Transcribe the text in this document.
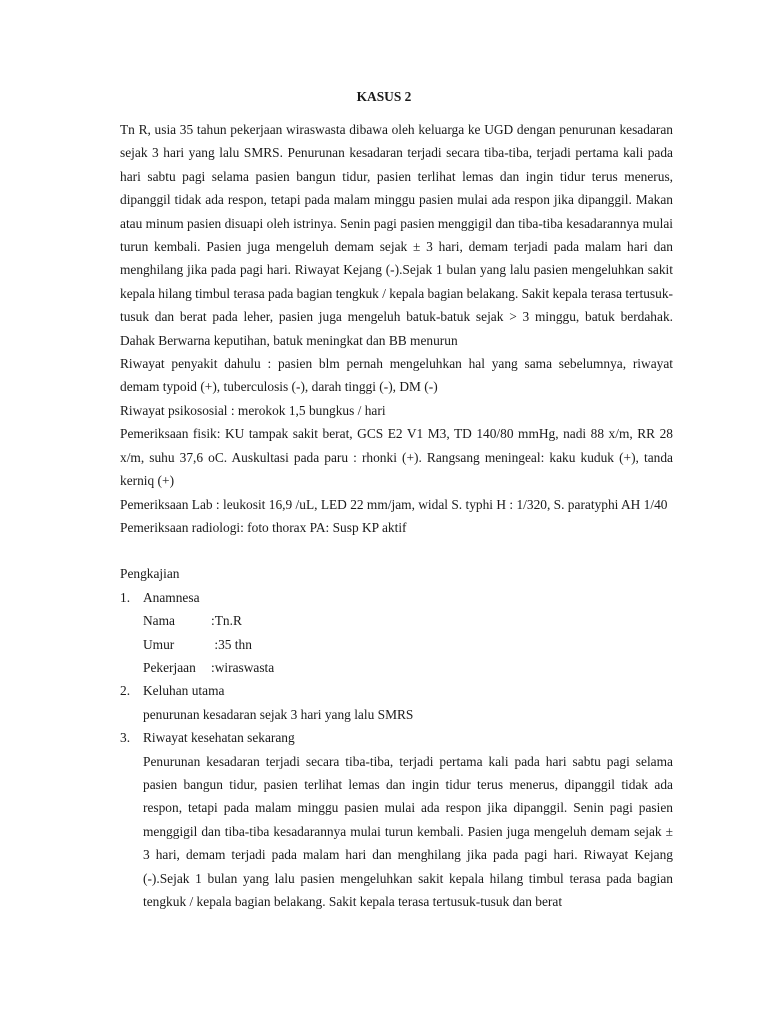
KASUS 2

Tn R, usia 35 tahun pekerjaan wiraswasta dibawa oleh keluarga ke UGD dengan penurunan kesadaran sejak 3 hari yang lalu SMRS. Penurunan kesadaran terjadi secara tiba-tiba, terjadi pertama kali pada hari sabtu pagi selama pasien bangun tidur, pasien terlihat lemas dan ingin tidur terus menerus, dipanggil tidak ada respon, tetapi pada malam minggu pasien mulai ada respon jika dipanggil. Makan atau minum pasien disuapi oleh istrinya. Senin pagi pasien menggigil dan tiba-tiba kesadarannya mulai turun kembali. Pasien juga mengeluh demam sejak ± 3 hari, demam terjadi pada malam hari dan menghilang jika pada pagi hari. Riwayat Kejang (-).Sejak 1 bulan yang lalu pasien mengeluhkan sakit kepala hilang timbul terasa pada bagian tengkuk / kepala bagian belakang. Sakit kepala terasa tertusuk-tusuk dan berat pada leher, pasien juga mengeluh batuk-batuk sejak > 3 minggu, batuk berdahak. Dahak Berwarna keputihan, batuk meningkat dan BB menurun

Riwayat penyakit dahulu : pasien blm pernah mengeluhkan hal yang sama sebelumnya, riwayat demam typoid (+), tuberculosis (-), darah tinggi (-), DM (-)

Riwayat psikososial : merokok 1,5 bungkus / hari

Pemeriksaan fisik: KU tampak sakit berat, GCS E2 V1 M3, TD 140/80 mmHg, nadi 88 x/m, RR 28 x/m, suhu 37,6 oC. Auskultasi pada paru : rhonki (+). Rangsang meningeal: kaku kuduk (+), tanda kerniq (+)

Pemeriksaan Lab : leukosit 16,9 /uL, LED 22 mm/jam, widal S. typhi H : 1/320, S. paratyphi AH 1/40

Pemeriksaan radiologi: foto thorax PA: Susp KP aktif

Pengkajian

1. Anamnesa
Nama	:Tn.R
Umur	:35 thn
Pekerjaan	:wiraswasta
2. Keluhan utama
penurunan kesadaran sejak 3 hari yang lalu SMRS
3. Riwayat kesehatan sekarang
Penurunan kesadaran terjadi secara tiba-tiba, terjadi pertama kali pada hari sabtu pagi selama pasien bangun tidur, pasien terlihat lemas dan ingin tidur terus menerus, dipanggil tidak ada respon, tetapi pada malam minggu pasien mulai ada respon jika dipanggil. Senin pagi pasien menggigil dan tiba-tiba kesadarannya mulai turun kembali. Pasien juga mengeluh demam sejak ± 3 hari, demam terjadi pada malam hari dan menghilang jika pada pagi hari. Riwayat Kejang (-).Sejak 1 bulan yang lalu pasien mengeluhkan sakit kepala hilang timbul terasa pada bagian tengkuk / kepala bagian belakang. Sakit kepala terasa tertusuk-tusuk dan berat
